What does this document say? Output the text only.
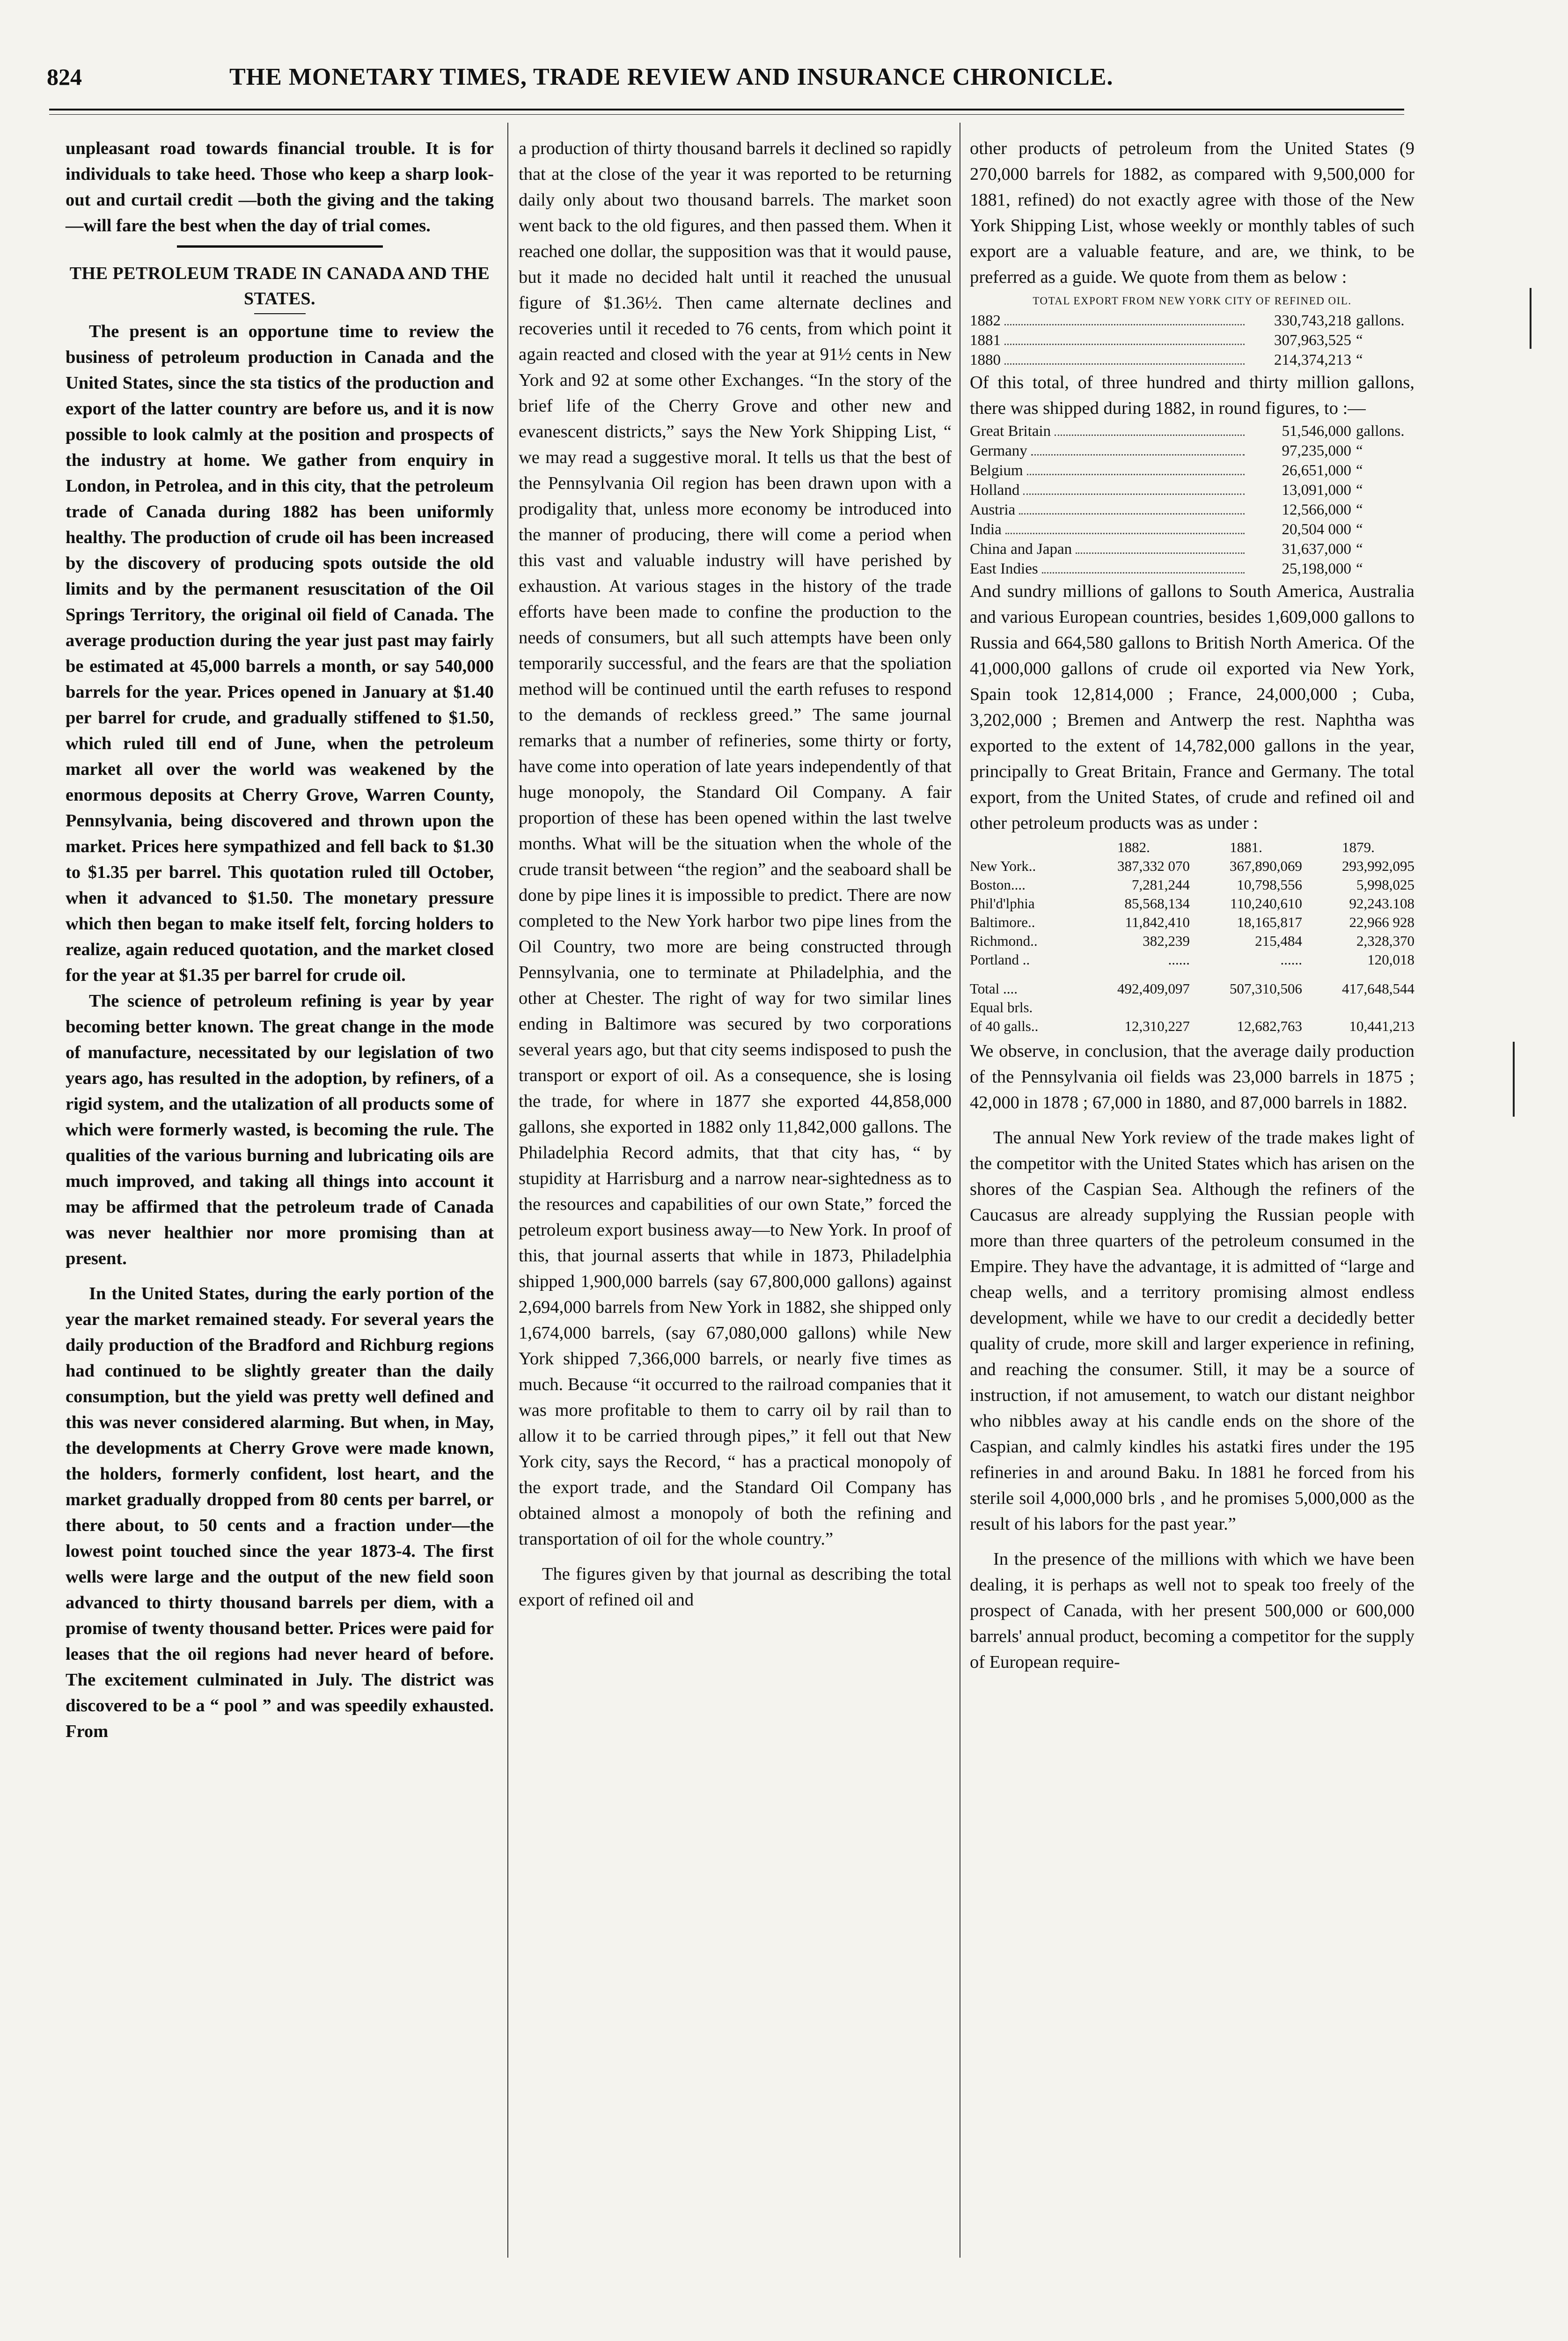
824	THE MONETARY TIMES, TRADE REVIEW AND INSURANCE CHRONICLE.

unpleasant road towards financial trouble. It is for individuals to take heed. Those who keep a sharp look-out and curtail credit —both the giving and the taking—will fare the best when the day of trial comes.

THE PETROLEUM TRADE IN CANADA AND THE STATES.

The present is an opportune time to review the business of petroleum production in Canada and the United States, since the sta tistics of the production and export of the latter country are before us, and it is now possible to look calmly at the position and prospects of the industry at home. We gather from enquiry in London, in Petrolea, and in this city, that the petroleum trade of Canada during 1882 has been uniformly healthy. The production of crude oil has been increased by the discovery of producing spots outside the old limits and by the permanent resuscitation of the Oil Springs Territory, the original oil field of Canada. The average production during the year just past may fairly be estimated at 45,000 barrels a month, or say 540,000 barrels for the year. Prices opened in January at $1.40 per barrel for crude, and gradually stiffened to $1.50, which ruled till end of June, when the petroleum market all over the world was weakened by the enormous deposits at Cherry Grove, Warren County, Pennsylvania, being discovered and thrown upon the market. Prices here sympathized and fell back to $1.30 to $1.35 per barrel. This quotation ruled till October, when it advanced to $1.50. The monetary pressure which then began to make itself felt, forcing holders to realize, again reduced quotation, and the market closed for the year at $1.35 per barrel for crude oil.

The science of petroleum refining is year by year becoming better known. The great change in the mode of manufacture, necessitated by our legislation of two years ago, has resulted in the adoption, by refiners, of a rigid system, and the utalization of all products some of which were formerly wasted, is becoming the rule. The qualities of the various burning and lubricating oils are much improved, and taking all things into account it may be affirmed that the petroleum trade of Canada was never healthier nor more promising than at present.

In the United States, during the early portion of the year the market remained steady. For several years the daily production of the Bradford and Richburg regions had continued to be slightly greater than the daily consumption, but the yield was pretty well defined and this was never considered alarming. But when, in May, the developments at Cherry Grove were made known, the holders, formerly confident, lost heart, and the market gradually dropped from 80 cents per barrel, or there about, to 50 cents and a fraction under—the lowest point touched since the year 1873-4. The first wells were large and the output of the new field soon advanced to thirty thousand barrels per diem, with a promise of twenty thousand better. Prices were paid for leases that the oil regions had never heard of before. The excitement culminated in July. The district was discovered to be a “ pool ” and was speedily exhausted. From

a production of thirty thousand barrels it declined so rapidly that at the close of the year it was reported to be returning daily only about two thousand barrels. The market soon went back to the old figures, and then passed them. When it reached one dollar, the supposition was that it would pause, but it made no decided halt until it reached the unusual figure of $1.36½. Then came alternate declines and recoveries until it receded to 76 cents, from which point it again reacted and closed with the year at 91½ cents in New York and 92 at some other Exchanges. “In the story of the brief life of the Cherry Grove and other new and evanescent districts,” says the New York Shipping List, “ we may read a suggestive moral. It tells us that the best of the Pennsylvania Oil region has been drawn upon with a prodigality that, unless more economy be introduced into the manner of producing, there will come a period when this vast and valuable industry will have perished by exhaustion. At various stages in the history of the trade efforts have been made to confine the production to the needs of consumers, but all such attempts have been only temporarily successful, and the fears are that the spoliation method will be continued until the earth refuses to respond to the demands of reckless greed.” The same journal remarks that a number of refineries, some thirty or forty, have come into operation of late years independently of that huge monopoly, the Standard Oil Company. A fair proportion of these has been opened within the last twelve months. What will be the situation when the whole of the crude transit between “the region” and the seaboard shall be done by pipe lines it is impossible to predict. There are now completed to the New York harbor two pipe lines from the Oil Country, two more are being constructed through Pennsylvania, one to terminate at Philadelphia, and the other at Chester. The right of way for two similar lines ending in Baltimore was secured by two corporations several years ago, but that city seems indisposed to push the transport or export of oil. As a consequence, she is losing the trade, for where in 1877 she exported 44,858,000 gallons, she exported in 1882 only 11,842,000 gallons. The Philadelphia Record admits, that that city has, “ by stupidity at Harrisburg and a narrow near-sightedness as to the resources and capabilities of our own State,” forced the petroleum export business away—to New York. In proof of this, that journal asserts that while in 1873, Philadelphia shipped 1,900,000 barrels (say 67,800,000 gallons) against 2,694,000 barrels from New York in 1882, she shipped only 1,674,000 barrels, (say 67,080,000 gallons) while New York shipped 7,366,000 barrels, or nearly five times as much. Because “it occurred to the railroad companies that it was more profitable to them to carry oil by rail than to allow it to be carried through pipes,” it fell out that New York city, says the Record, “ has a practical monopoly of the export trade, and the Standard Oil Company has obtained almost a monopoly of both the refining and transportation of oil for the whole country.”

The figures given by that journal as describing the total export of refined oil and

other products of petroleum from the United States (9 270,000 barrels for 1882, as compared with 9,500,000 for 1881, refined) do not exactly agree with those of the New York Shipping List, whose weekly or monthly tables of such export are a valuable feature, and are, we think, to be preferred as a guide. We quote from them as below :

TOTAL EXPORT FROM NEW YORK CITY OF REFINED OIL.
1882	330,743,218 gallons.
1881	307,963,525 “
1880	214,374,213 “

Of this total, of three hundred and thirty million gallons, there was shipped during 1882, in round figures, to :—

Great Britain	51,546,000 gallons.
Germany	97,235,000 “
Belgium	26,651,000 “
Holland	13,091,000 “
Austria	12,566,000 “
India	20,504 000 “
China and Japan	31,637,000 “
East Indies	25,198,000 “

And sundry millions of gallons to South America, Australia and various European countries, besides 1,609,000 gallons to Russia and 664,580 gallons to British North America. Of the 41,000,000 gallons of crude oil exported via New York, Spain took 12,814,000 ; France, 24,000,000 ; Cuba, 3,202,000 ; Bremen and Antwerp the rest. Naphtha was exported to the extent of 14,782,000 gallons in the year, principally to Great Britain, France and Germany. The total export, from the United States, of crude and refined oil and other petroleum products was as under :

	1882.	1881.	1879.
New York..	387,332 070	367,890,069	293,992,095
Boston....	7,281,244	10,798,556	5,998,025
Phil'd'lphia	85,568,134	110,240,610	92,243.108
Baltimore..	11,842,410	18,165,817	22,966 928
Richmond..	382,239	215,484	2,328,370
Portland ..	......	......	120,018
Total ....	492,409,097	507,310,506	417,648,544
Equal brls.			
of 40 galls..	12,310,227	12,682,763	10,441,213

We observe, in conclusion, that the average daily production of the Pennsylvania oil fields was 23,000 barrels in 1875 ; 42,000 in 1878 ; 67,000 in 1880, and 87,000 barrels in 1882.

The annual New York review of the trade makes light of the competitor with the United States which has arisen on the shores of the Caspian Sea. Although the refiners of the Caucasus are already supplying the Russian people with more than three quarters of the petroleum consumed in the Empire. They have the advantage, it is admitted of “large and cheap wells, and a territory promising almost endless development, while we have to our credit a decidedly better quality of crude, more skill and larger experience in refining, and reaching the consumer. Still, it may be a source of instruction, if not amusement, to watch our distant neighbor who nibbles away at his candle ends on the shore of the Caspian, and calmly kindles his astatki fires under the 195 refineries in and around Baku. In 1881 he forced from his sterile soil 4,000,000 brls , and he promises 5,000,000 as the result of his labors for the past year.”

In the presence of the millions with which we have been dealing, it is perhaps as well not to speak too freely of the prospect of Canada, with her present 500,000 or 600,000 barrels' annual product, becoming a competitor for the supply of European require-
